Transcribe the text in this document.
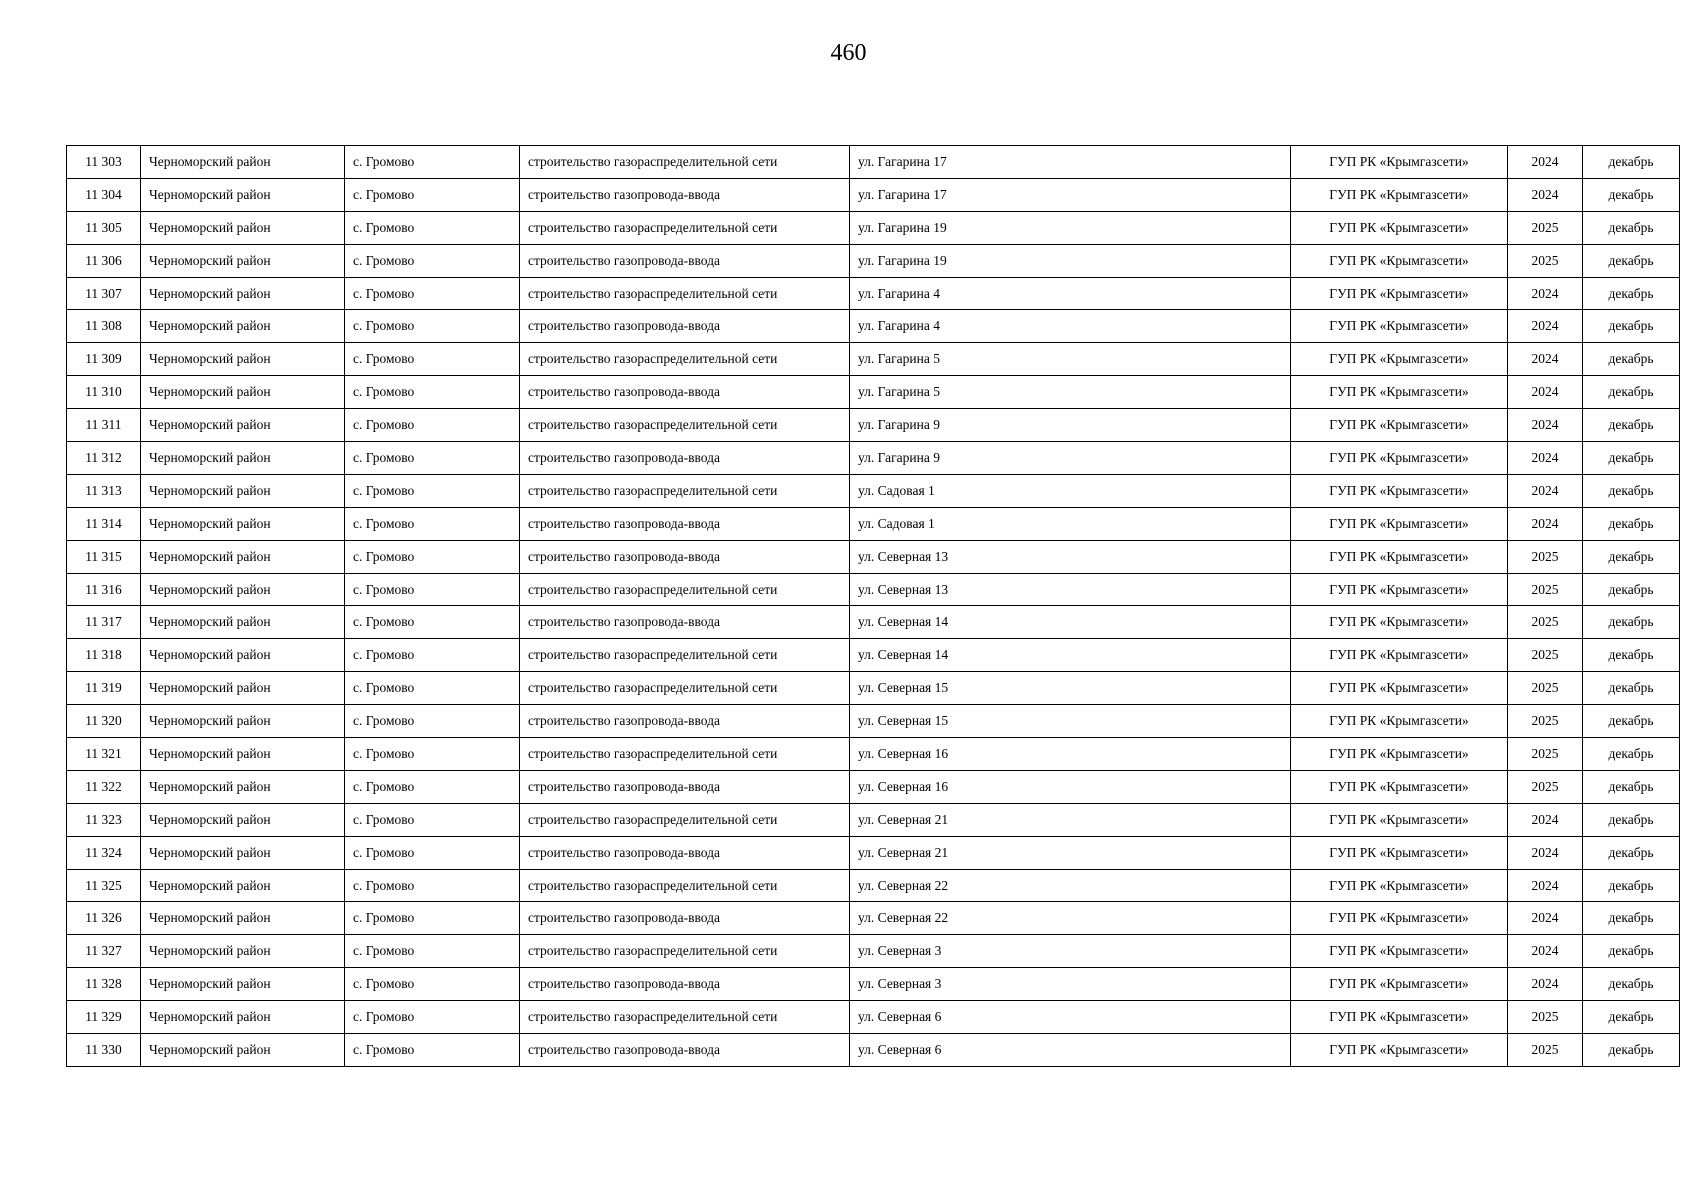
460
11 303	Черноморский район	с. Громово	строительство газораспределительной сети	ул. Гагарина 17	ГУП РК «Крымгазсети»	2024	декабрь
11 304	Черноморский район	с. Громово	строительство газопровода-ввода	ул. Гагарина 17	ГУП РК «Крымгазсети»	2024	декабрь
11 305	Черноморский район	с. Громово	строительство газораспределительной сети	ул. Гагарина 19	ГУП РК «Крымгазсети»	2025	декабрь
11 306	Черноморский район	с. Громово	строительство газопровода-ввода	ул. Гагарина 19	ГУП РК «Крымгазсети»	2025	декабрь
11 307	Черноморский район	с. Громово	строительство газораспределительной сети	ул. Гагарина 4	ГУП РК «Крымгазсети»	2024	декабрь
11 308	Черноморский район	с. Громово	строительство газопровода-ввода	ул. Гагарина 4	ГУП РК «Крымгазсети»	2024	декабрь
11 309	Черноморский район	с. Громово	строительство газораспределительной сети	ул. Гагарина 5	ГУП РК «Крымгазсети»	2024	декабрь
11 310	Черноморский район	с. Громово	строительство газопровода-ввода	ул. Гагарина 5	ГУП РК «Крымгазсети»	2024	декабрь
11 311	Черноморский район	с. Громово	строительство газораспределительной сети	ул. Гагарина 9	ГУП РК «Крымгазсети»	2024	декабрь
11 312	Черноморский район	с. Громово	строительство газопровода-ввода	ул. Гагарина 9	ГУП РК «Крымгазсети»	2024	декабрь
11 313	Черноморский район	с. Громово	строительство газораспределительной сети	ул. Садовая 1	ГУП РК «Крымгазсети»	2024	декабрь
11 314	Черноморский район	с. Громово	строительство газопровода-ввода	ул. Садовая 1	ГУП РК «Крымгазсети»	2024	декабрь
11 315	Черноморский район	с. Громово	строительство газопровода-ввода	ул. Северная 13	ГУП РК «Крымгазсети»	2025	декабрь
11 316	Черноморский район	с. Громово	строительство газораспределительной сети	ул. Северная 13	ГУП РК «Крымгазсети»	2025	декабрь
11 317	Черноморский район	с. Громово	строительство газопровода-ввода	ул. Северная 14	ГУП РК «Крымгазсети»	2025	декабрь
11 318	Черноморский район	с. Громово	строительство газораспределительной сети	ул. Северная 14	ГУП РК «Крымгазсети»	2025	декабрь
11 319	Черноморский район	с. Громово	строительство газораспределительной сети	ул. Северная 15	ГУП РК «Крымгазсети»	2025	декабрь
11 320	Черноморский район	с. Громово	строительство газопровода-ввода	ул. Северная 15	ГУП РК «Крымгазсети»	2025	декабрь
11 321	Черноморский район	с. Громово	строительство газораспределительной сети	ул. Северная 16	ГУП РК «Крымгазсети»	2025	декабрь
11 322	Черноморский район	с. Громово	строительство газопровода-ввода	ул. Северная 16	ГУП РК «Крымгазсети»	2025	декабрь
11 323	Черноморский район	с. Громово	строительство газораспределительной сети	ул. Северная 21	ГУП РК «Крымгазсети»	2024	декабрь
11 324	Черноморский район	с. Громово	строительство газопровода-ввода	ул. Северная 21	ГУП РК «Крымгазсети»	2024	декабрь
11 325	Черноморский район	с. Громово	строительство газораспределительной сети	ул. Северная 22	ГУП РК «Крымгазсети»	2024	декабрь
11 326	Черноморский район	с. Громово	строительство газопровода-ввода	ул. Северная 22	ГУП РК «Крымгазсети»	2024	декабрь
11 327	Черноморский район	с. Громово	строительство газораспределительной сети	ул. Северная 3	ГУП РК «Крымгазсети»	2024	декабрь
11 328	Черноморский район	с. Громово	строительство газопровода-ввода	ул. Северная 3	ГУП РК «Крымгазсети»	2024	декабрь
11 329	Черноморский район	с. Громово	строительство газораспределительной сети	ул. Северная 6	ГУП РК «Крымгазсети»	2025	декабрь
11 330	Черноморский район	с. Громово	строительство газопровода-ввода	ул. Северная 6	ГУП РК «Крымгазсети»	2025	декабрь
